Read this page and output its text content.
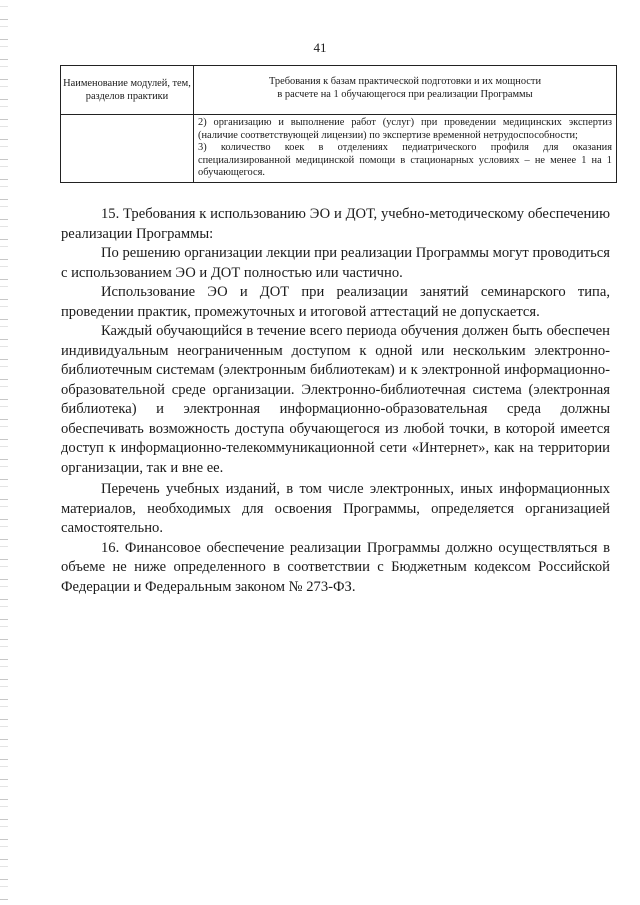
41
Наименование модулей, тем, разделов практики	Требования к базам практической подготовки и их мощности
в расчете на 1 обучающегося при реализации Программы

	2) организацию и выполнение работ (услуг) при проведении медицинских экспертиз (наличие соответствующей лицензии) по экспертизе временной нетрудоспособности;

3) количество коек в отделениях педиатрического профиля для оказания специализированной медицинской помощи в стационарных условиях – не менее 1 на 1 обучающегося.

15. Требования к использованию ЭО и ДОТ, учебно-методическому обеспечению реализации Программы:

По решению организации лекции при реализации Программы могут проводиться с использованием ЭО и ДОТ полностью или частично.

Использование ЭО и ДОТ при реализации занятий семинарского типа, проведении практик, промежуточных и итоговой аттестаций не допускается.

Каждый обучающийся в течение всего периода обучения должен быть обеспечен индивидуальным неограниченным доступом к одной или нескольким электронно-библиотечным системам (электронным библиотекам) и к электронной информационно-образовательной среде организации. Электронно-библиотечная система (электронная библиотека) и электронная информационно-образовательная среда должны обеспечивать возможность доступа обучающегося из любой точки, в которой имеется доступ к информационно-телекоммуникационной сети «Интернет», как на территории организации, так и вне ее.

Перечень учебных изданий, в том числе электронных, иных информационных материалов, необходимых для освоения Программы, определяется организацией самостоятельно.

16. Финансовое обеспечение реализации Программы должно осуществляться в объеме не ниже определенного в соответствии с Бюджетным кодексом Российской Федерации и Федеральным законом № 273-ФЗ.
